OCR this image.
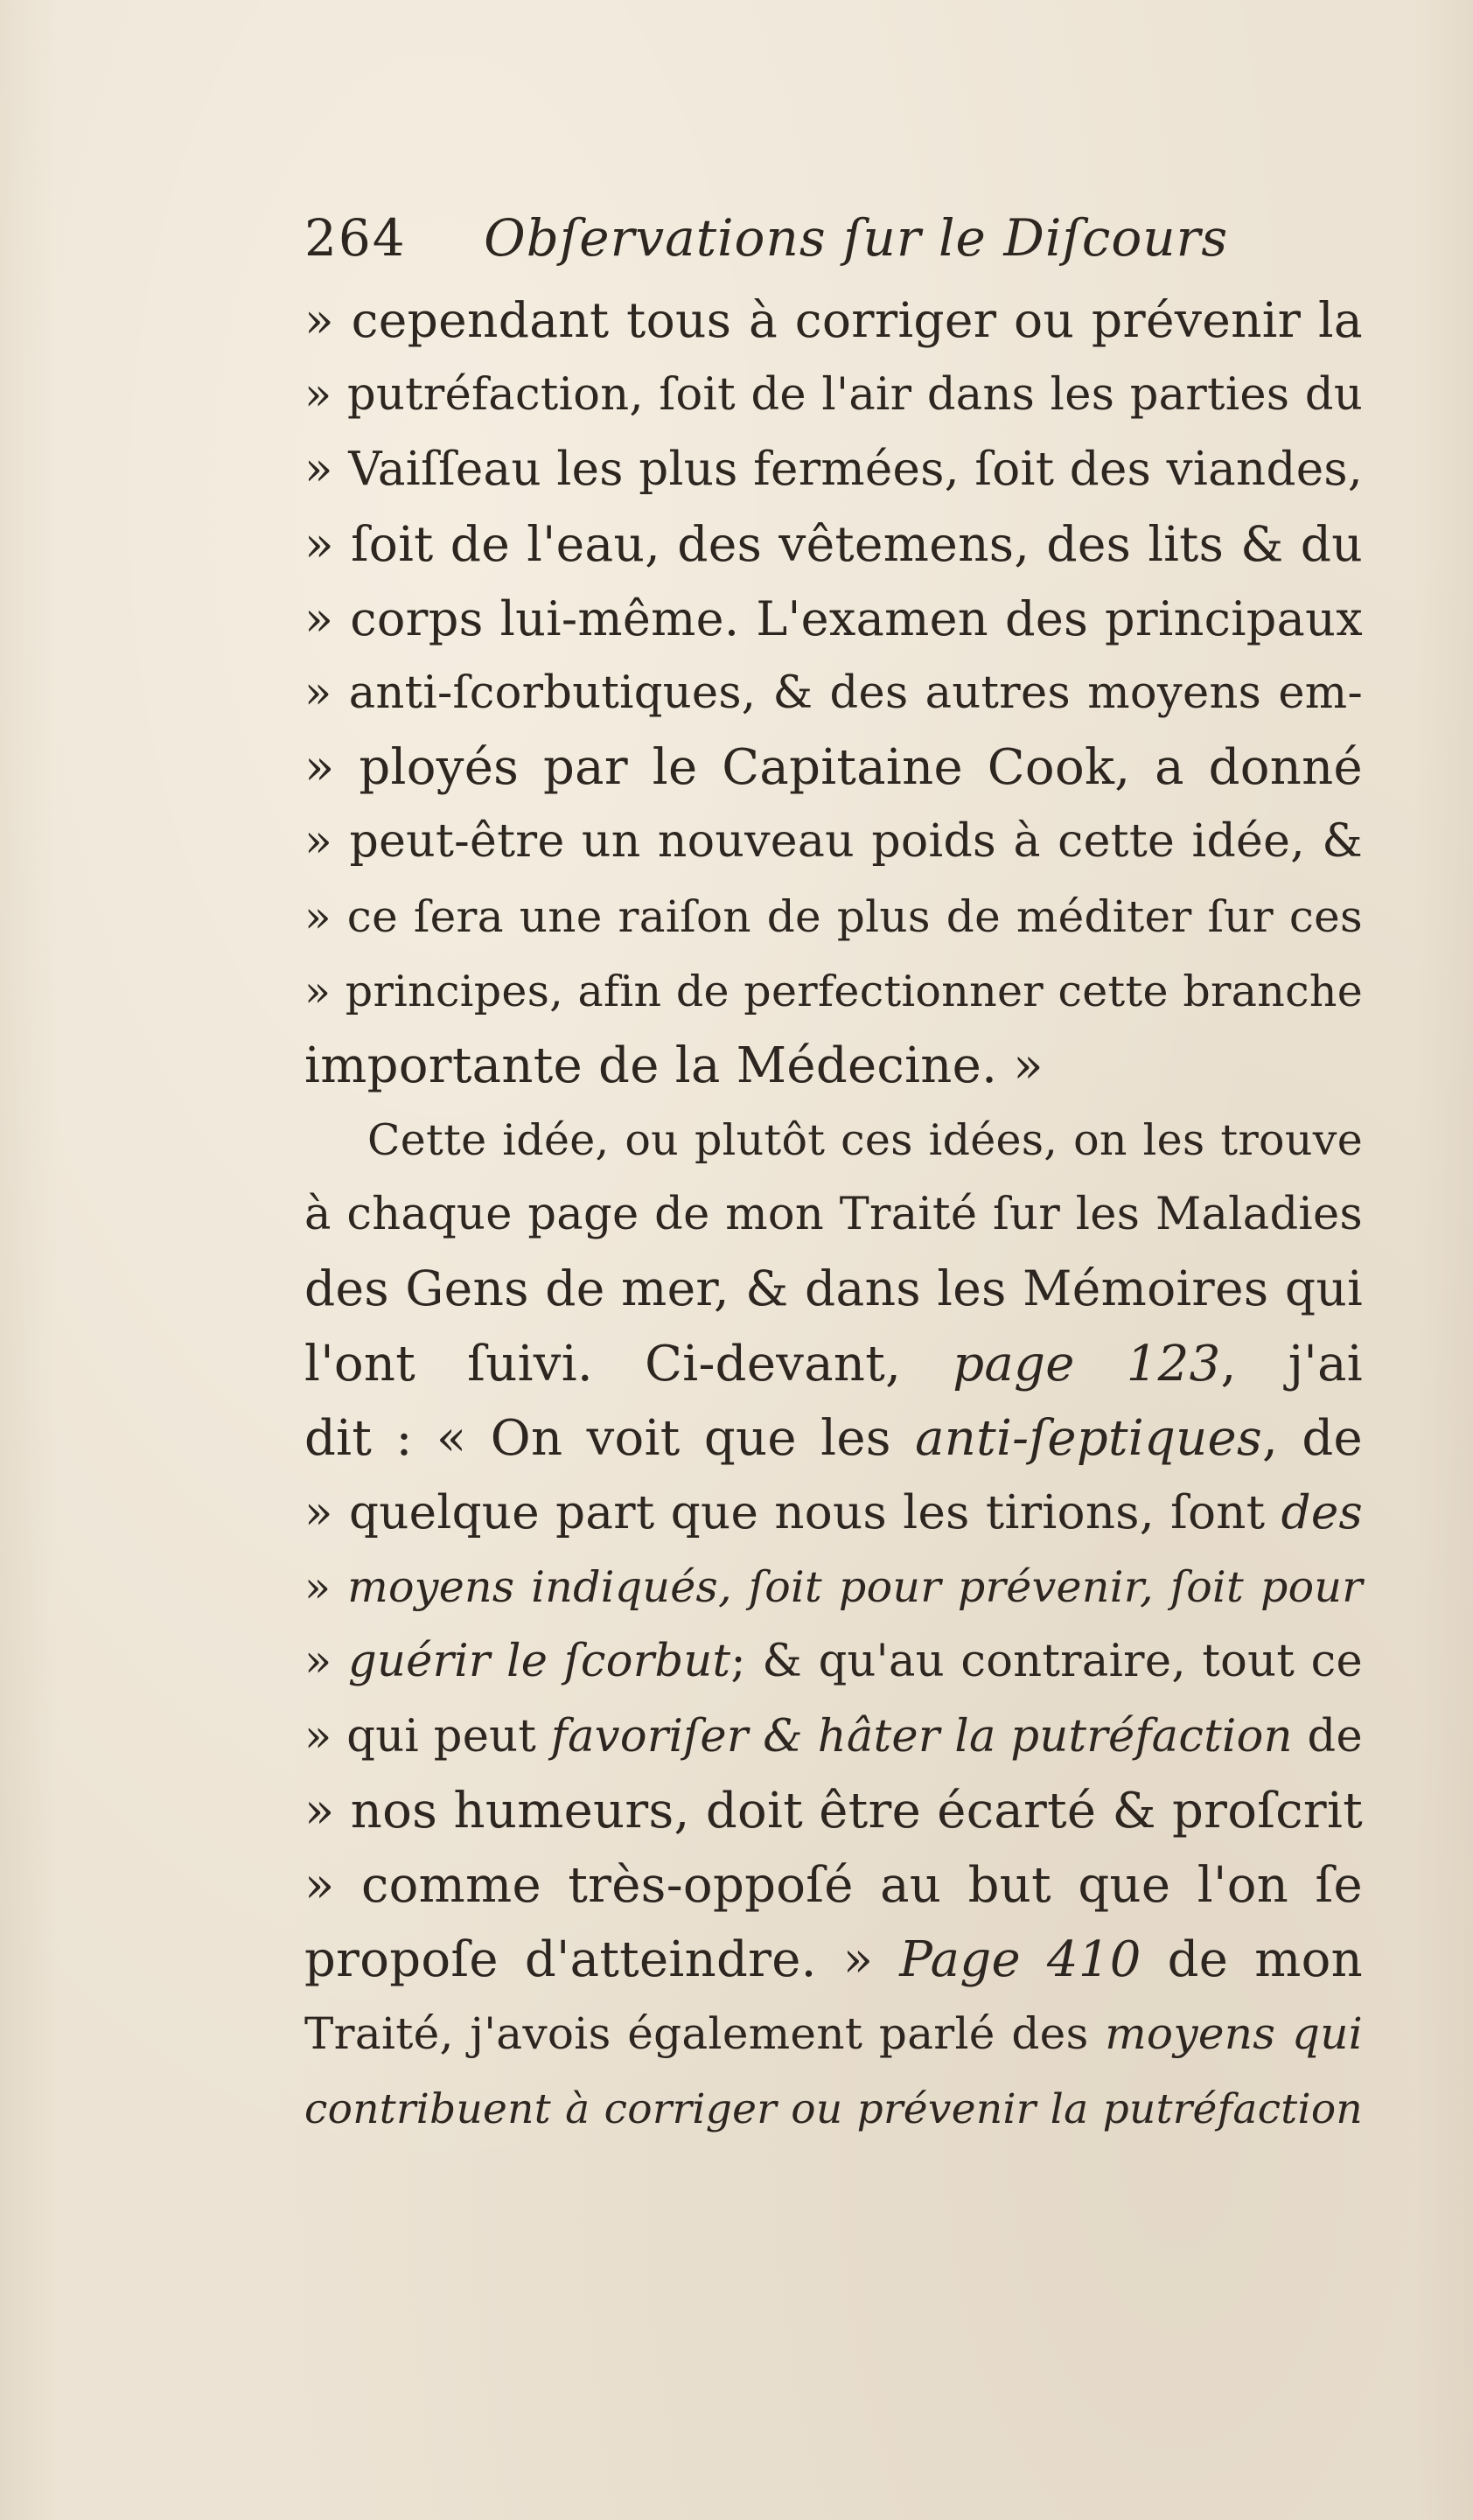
264 Obſervations ſur le Diſcours
» cependant tous à corriger ou prévenir la
» putréfaction, ſoit de l'air dans les parties du
» Vaiſſeau les plus fermées, ſoit des viandes,
» ſoit de l'eau, des vêtemens, des lits & du
» corps lui-même. L'examen des principaux
» anti-ſcorbutiques, & des autres moyens em-
» ployés par le Capitaine Cook, a donné
» peut-être un nouveau poids à cette idée, &
» ce ſera une raiſon de plus de méditer ſur ces
» principes, afin de perfectionner cette branche
importante de la Médecine. »
Cette idée, ou plutôt ces idées, on les trouve
à chaque page de mon Traité ſur les Maladies
des Gens de mer, & dans les Mémoires qui
l'ont ſuivi. Ci-devant, page 123, j'ai
dit : « On voit que les anti-ſeptiques, de
» quelque part que nous les tirions, ſont des
» moyens indiqués, ſoit pour prévenir, ſoit pour
» guérir le ſcorbut; & qu'au contraire, tout ce
» qui peut favoriſer & hâter la putréfaction de
» nos humeurs, doit être écarté & proſcrit
» comme très-oppoſé au but que l'on ſe
propoſe d'atteindre. » Page 410 de mon
Traité, j'avois également parlé des moyens qui
contribuent à corriger ou prévenir la putréfaction
